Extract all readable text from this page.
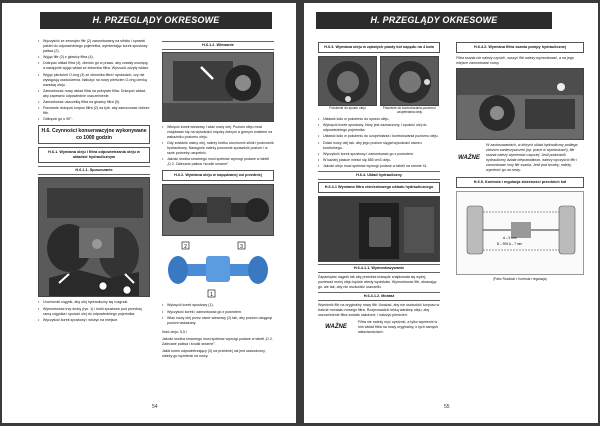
H. PRZEGLĄDY OKRESOWE
• Wyczyścić ze zewnątrz filtr (2) zamontowany na silniku i sprawić pakiet do odpowiedniego pojemnika, wymieniając korek spustowy paliwa (2).
• Wyjąć filtr (2) z głowicy filtra (4).
• Dokręcić wkład filtra (4), obrócić go w prawo, aby zostały usunięty, a następnie wyjąć wkład ze zbiornika filtra. Wyrzucić zużyty wkład.
• Wyjąć pierścień O-ring (3) ze zbiornika filtra i sprawdzić, czy nie występują uszkodzenia. Nałożyć na nowy pierścień O-ring cienką warstwę oleju.
• Zamontować nowy wkład filtra na pokrywie filtra. Dokręcić wkład, aby zapewnić odpowiednie uszczelnienie.
• Zamontować uszczelkę filtra na głowicy filtra (5).
• Ponownie dokręcić korpus filtra (2) na tyle, aby zamocować dobrze filtr.
• Odkręcić go o 90°.
H.6. Czynności konserwacyjne wykonywane co 1000 godzin
H.6.1. Wymiana oleju i filtra odpowietrzania oleju w układzie hydraulicznym
H.6.1.1. Spuszczanie
• Uruchomić ciągnik, aby olej hydrauliczny się rozgrzał.
• Wymontować trzy śruby (rys. 1) i korki spustowe pod przednią ramą ciągnika i spuścić olej do odpowiedniego pojemnika.
• Wyczyścić korek spustowy i włożyć na miejsce.
H.6.1.2. Wlewanie
• Wkręcić korek wlewowy i wlać nowy olej. Poziom oleju musi znajdować się na wysokości między dolnym a górnym znakiem na wskaźniku poziomu oleju.
• Gdy zostanie wlany olej, należy krótko uruchomić silnik i podnośnik hydrauliczny. Następnie należy ponownie sprawdzić poziom i w razie potrzeby uzupełnić.
• Jakość środka smarnego musi spełniać wymogi podane w tabeli „D.2. Zalecane paliwa i środki smarne”.
H.6.2. Wymiana oleju w napędzanej osi przedniej
2	3
1
• Wykręcić korek spustowy (1).
• Wyczyścić korek i zamontować go z powrotem.
• Wlać nowy olej przez otwór wlewowy (2) tak, aby poziom osiągnął poziom wskazany.

Ilość oleju: 5,5 l

Jakość środka smarnego musi spełniać wymogi podane w tabeli „D.2. Zalecane paliwa i środki smarne”.

Jakiś korek odpowietrzający (3) na przedniej osi jest uszkodzony, należy go wymienić na nowy.

54
H. PRZEGLĄDY OKRESOWE
H.6.3. Wymiana oleju w zębatych piasty kół napędu na 4 koła
Położenie do spustu oleju	Położenie do kontrolowania poziomu i uzupełniania oleju
• Ustawić koło w położeniu do spustu oleju.
• Wykręcić korek spustowy, który jest zaznaczony, i spuścić olej do odpowiedniego pojemnika.
• Ustawić koło w położeniu do uzupełniania i kontrolowania poziomu oleju.
• Dolać nowy olej tak, aby jego poziom sięgał wysokości otworu kontrolnego.
• Wyczyścić korek spustowy i zamontować go z powrotem.
• W każdej piaście mieści się 850 cm3 oleju.
• Jakość oleju musi spełniać wymogi podane w tabeli na stronie 41.
H.6.4. Układ hydrauliczny
H.6.4.1 Wymiana filtra ciśnieniowego układu hydraulicznego
H.6.4.1.1. Wymontowywanie

Zapamiętać ciągnik tak aby przednia krawędź znajdowała się wyżej, ponieważ mniej oleju będzie wtedy wyciekało. Wymontować filtr, obracając go, ale tak, aby nie uszkodzić uszczelki.

H.6.4.1.2. Montaż

Wymienić filtr na oryginalny nowy filtr. Uważać, aby nie uszkodzić korpusu w trakcie montażu nowego filtra. Rozprowadzić lekką warstwę oleju, aby uszczelnienie filtra zostało nałożone, i nałożyć pierścień.

WAŻNE
Filtra nie należy myć opróżnić, a tylko wymienić w nim wkład filtra na nowy oryginalny, o tych samych właściwościach.
H.6.4.2. Wymiana filtra ssania pompy hydraulicznej

Filtra ssania nie należy czyścić, suszyć filtr należy wymontować, a na jego miejsce zamontować nowy.

WAŻNE
W zastosowaniach, w których układ hydrauliczny podlega zbiorom zanieczyszczeń (np. prace w wyrobiskach), filtr ssania należy wymieniać częściej. Jeśli podnośnik hydrauliczny działa nieprawidłowo, należy wyczyścić filtr i zamontować inny filtr ssania. Jeśli pod brudny, należy wymienić go na nowy.
H.6.5. Kontrola i regulacja zbieżności przednich kół
A – 5 mm
B – 905 A – 7 mm
(Patrz Rozdział I, Kontrola i regulacja)
55
